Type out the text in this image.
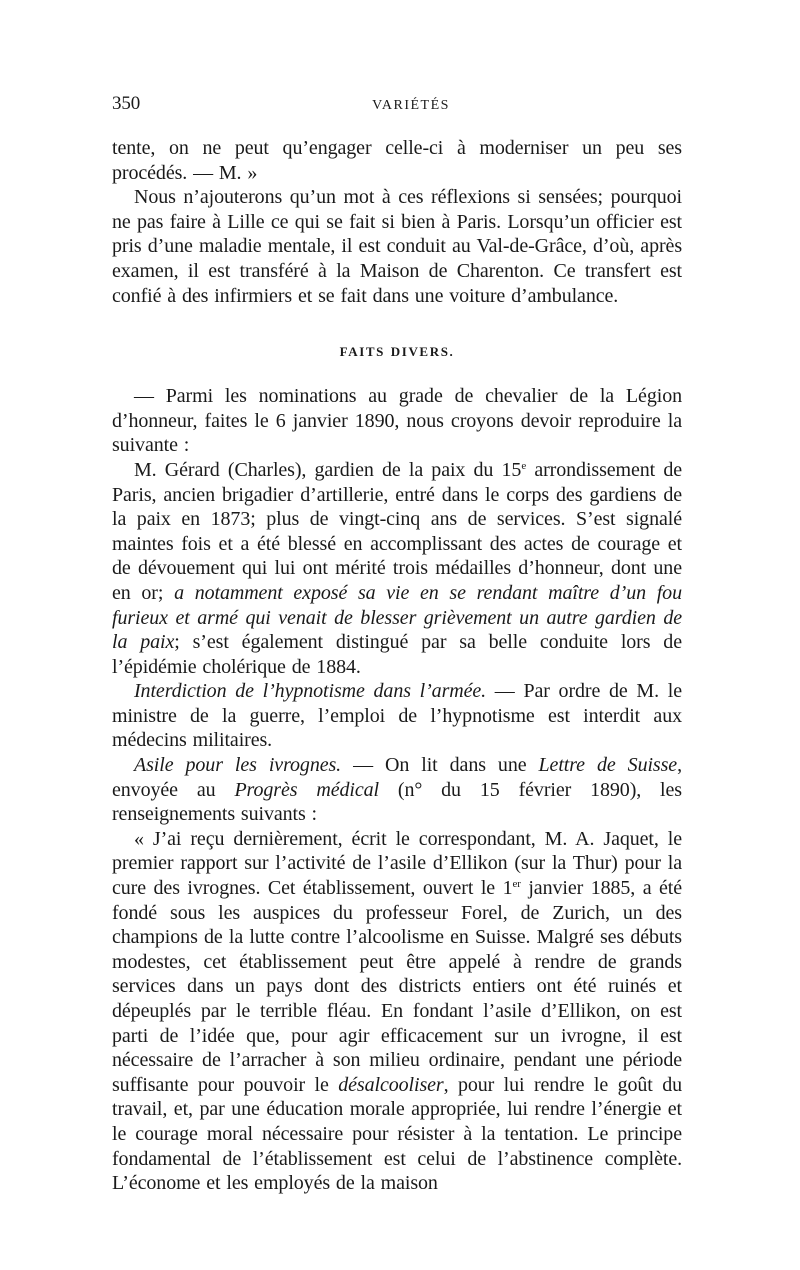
350	VARIÉTÉS

tente, on ne peut qu’engager celle-ci à moderniser un peu ses procédés. — M. »

Nous n’ajouterons qu’un mot à ces réflexions si sensées; pourquoi ne pas faire à Lille ce qui se fait si bien à Paris. Lorsqu’un officier est pris d’une maladie mentale, il est conduit au Val-de-Grâce, d’où, après examen, il est transféré à la Maison de Charenton. Ce transfert est confié à des infirmiers et se fait dans une voiture d’ambulance.

FAITS DIVERS.

— Parmi les nominations au grade de chevalier de la Légion d’honneur, faites le 6 janvier 1890, nous croyons devoir reproduire la suivante :

M. Gérard (Charles), gardien de la paix du 15e arrondissement de Paris, ancien brigadier d’artillerie, entré dans le corps des gardiens de la paix en 1873; plus de vingt-cinq ans de services. S’est signalé maintes fois et a été blessé en accomplissant des actes de courage et de dévouement qui lui ont mérité trois médailles d’honneur, dont une en or; a notamment exposé sa vie en se rendant maître d’un fou furieux et armé qui venait de blesser grièvement un autre gardien de la paix; s’est également distingué par sa belle conduite lors de l’épidémie cholérique de 1884.

Interdiction de l’hypnotisme dans l’armée. — Par ordre de M. le ministre de la guerre, l’emploi de l’hypnotisme est interdit aux médecins militaires.

Asile pour les ivrognes. — On lit dans une Lettre de Suisse, envoyée au Progrès médical (n° du 15 février 1890), les renseignements suivants :

« J’ai reçu dernièrement, écrit le correspondant, M. A. Jaquet, le premier rapport sur l’activité de l’asile d’Ellikon (sur la Thur) pour la cure des ivrognes. Cet établissement, ouvert le 1er janvier 1885, a été fondé sous les auspices du professeur Forel, de Zurich, un des champions de la lutte contre l’alcoolisme en Suisse. Malgré ses débuts modestes, cet établissement peut être appelé à rendre de grands services dans un pays dont des districts entiers ont été ruinés et dépeuplés par le terrible fléau. En fondant l’asile d’Ellikon, on est parti de l’idée que, pour agir efficacement sur un ivrogne, il est nécessaire de l’arracher à son milieu ordinaire, pendant une période suffisante pour pouvoir le désalcooliser, pour lui rendre le goût du travail, et, par une éducation morale appropriée, lui rendre l’énergie et le courage moral nécessaire pour résister à la tentation. Le principe fondamental de l’établissement est celui de l’abstinence complète. L’économe et les employés de la maison
